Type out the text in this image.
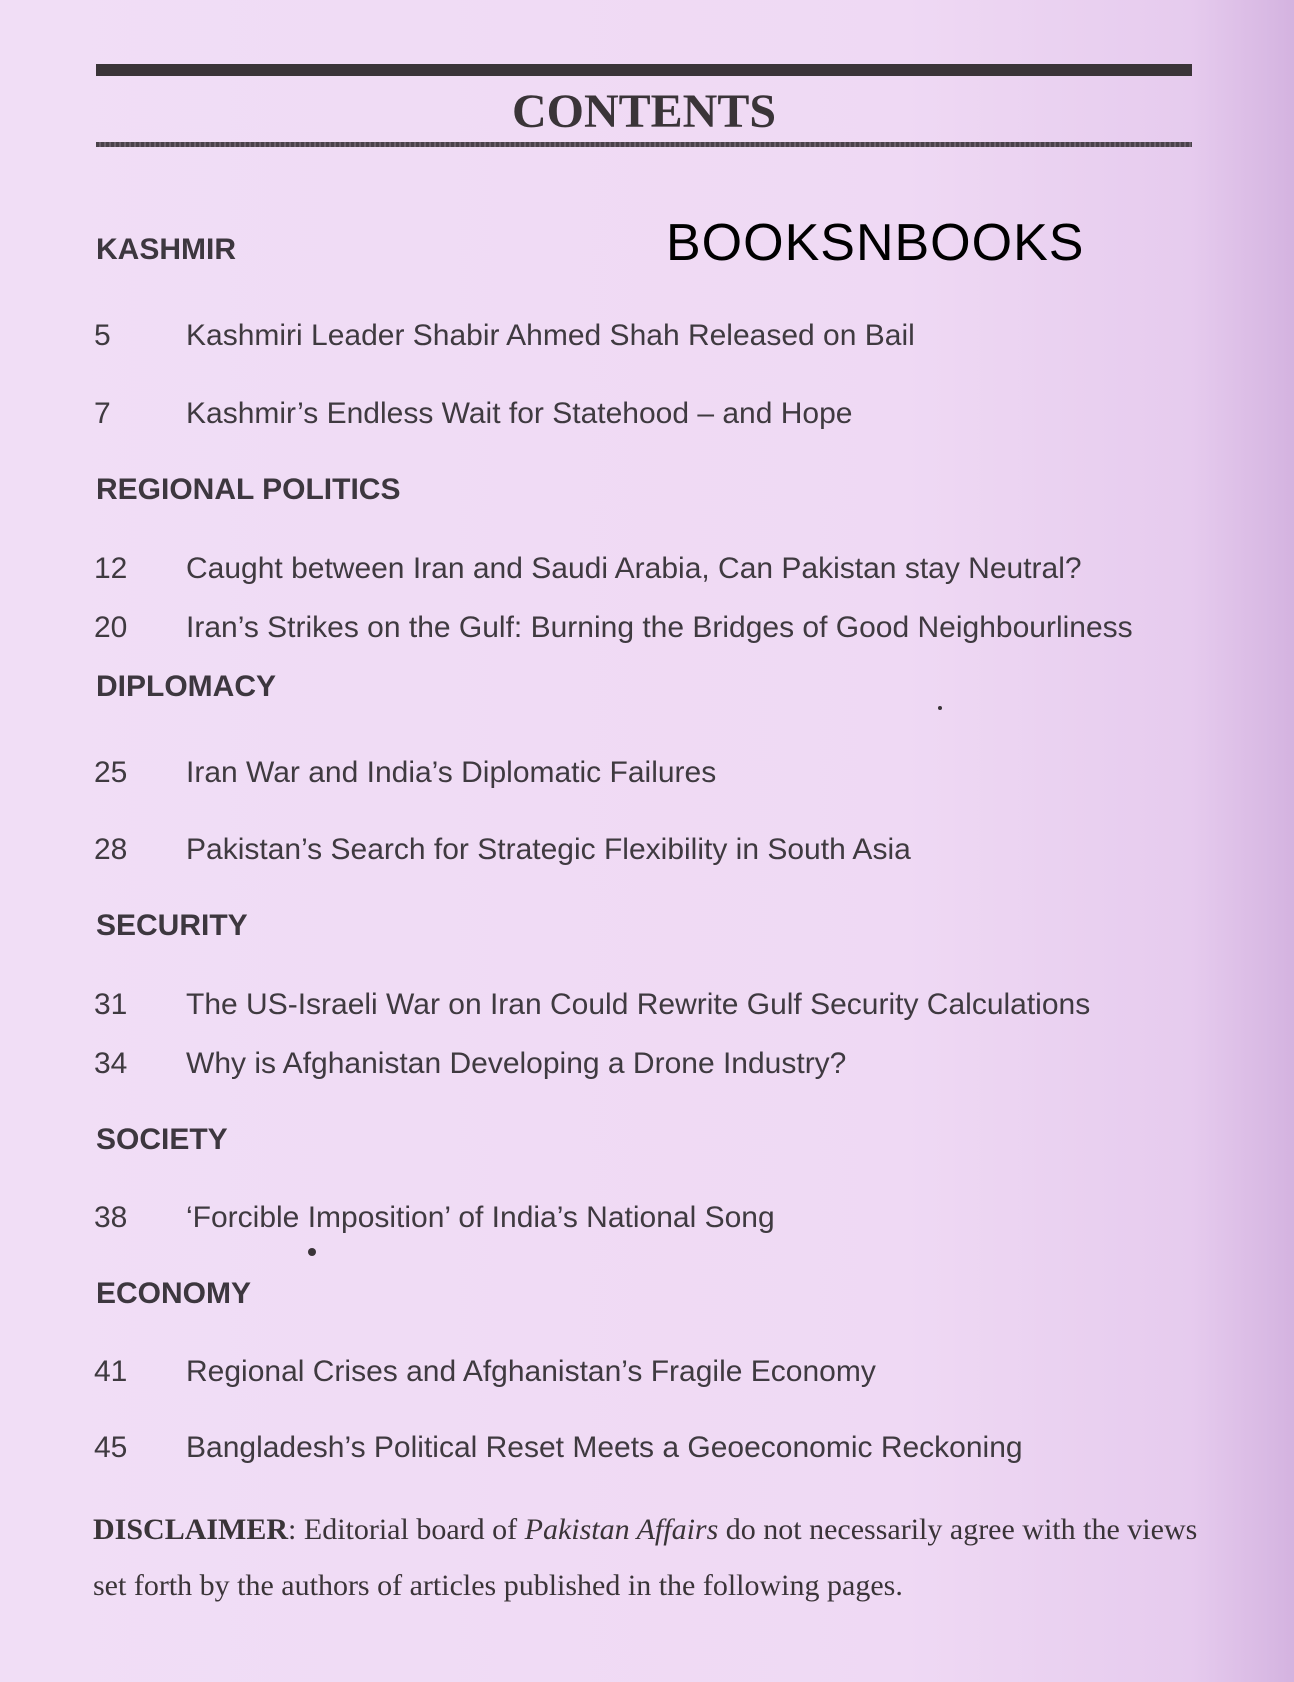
CONTENTS
BOOKSNBOOKS
KASHMIR
5	Kashmiri Leader Shabir Ahmed Shah Released on Bail
7	Kashmir’s Endless Wait for Statehood – and Hope
REGIONAL POLITICS
12 Caught between Iran and Saudi Arabia, Can Pakistan stay Neutral?
20 Iran’s Strikes on the Gulf: Burning the Bridges of Good Neighbourliness
DIPLOMACY
25 Iran War and India’s Diplomatic Failures
28 Pakistan’s Search for Strategic Flexibility in South Asia
SECURITY
31 The US-Israeli War on Iran Could Rewrite Gulf Security Calculations
34 Why is Afghanistan Developing a Drone Industry?
SOCIETY
38 ‘Forcible Imposition’ of India’s National Song
ECONOMY
41 Regional Crises and Afghanistan’s Fragile Economy
45 Bangladesh’s Political Reset Meets a Geoeconomic Reckoning
DISCLAIMER: Editorial board of Pakistan Affairs do not necessarily agree with the views set forth by the authors of articles published in the following pages.
